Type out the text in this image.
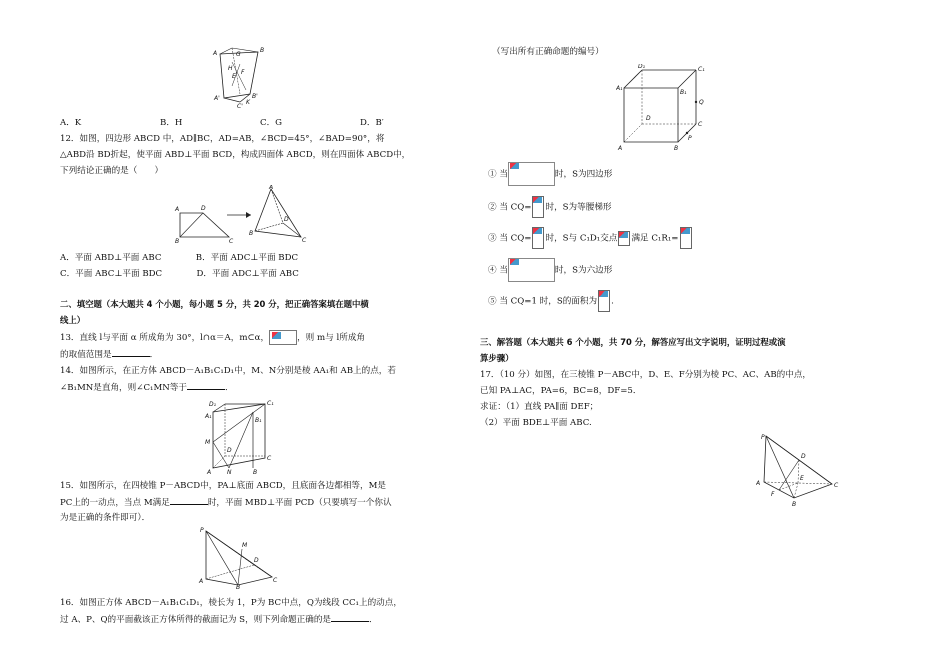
A	G
B
E
H
F
A'	B'
K
C'
A．K	B．H	C．G	D．B′
12．如图，四边形 ABCD 中，AD∥BC，AD=AB，∠BCD=45°，∠BAD=90°，将
△ABD沿 BD折起，使平面 ABD⊥平面 BCD，构成四面体 ABCD，则在四面体 ABCD中，
下列结论正确的是（　　）
A	D
B	C
A
D
B
C
A．平面 ABD⊥平面 ABC　　　　B．平面 ADC⊥平面 BDC
C．平面 ABC⊥平面 BDC　　　　D．平面 ADC⊥平面 ABC
二、填空题（本大题共 4 个小题，每小题 5 分，共 20 分，把正确答案填在题中横
线上）
13．直线 l与平面 α 所成角为 30°，l∩α＝A，m⊂α，	，则 m与 l所成角
的取值范围是	．
14．如图所示，在正方体 ABCD－A₁B₁C₁D₁中，M、N分别是棱 AA₁和 AB上的点，若
∠B₁MN是直角，则∠C₁MN等于	．
D₁	C₁
A₁
B₁
D
M
A	N	B
C
15．如图所示，在四棱锥 P－ABCD中，PA⊥底面 ABCD，且底面各边都相等，M是
PC上的一动点，当点 M满足	时，平面 MBD⊥平面 PCD（只要填写一个你认
为是正确的条件即可）．
P
M
D
A
B
C
16．如图正方体 ABCD－A₁B₁C₁D₁，棱长为 1，P为 BC中点，Q为线段 CC₁上的动点，
过 A、P、Q的平面截该正方体所得的截面记为 S，则下列命题正确的是	．
（写出所有正确命题的编号）
D₁	C₁
A₁
B₁
Q
D
C
A	B
P
① 当	时，S为四边形
② 当 CQ= 时，S为等腰梯形
③ 当 CQ= 时，S与 C₁D₁交点 满足 C₁R₁=
④ 当	时，S为六边形
⑤ 当 CQ=1 时，S的面积为 .
三、解答题（本大题共 6 个小题，共 70 分，解答应写出文字说明，证明过程或演
算步骤）
17．（10 分）如图，在三棱锥 P－ABC中，D、E、F分别为棱 PC、AC、AB的中点，
已知 PA⊥AC，PA=6，BC=8，DF=5．
求证：（1）直线 PA∥面 DEF；
（2）平面 BDE⊥平面 ABC.
P
D
E
A	C
F
B
